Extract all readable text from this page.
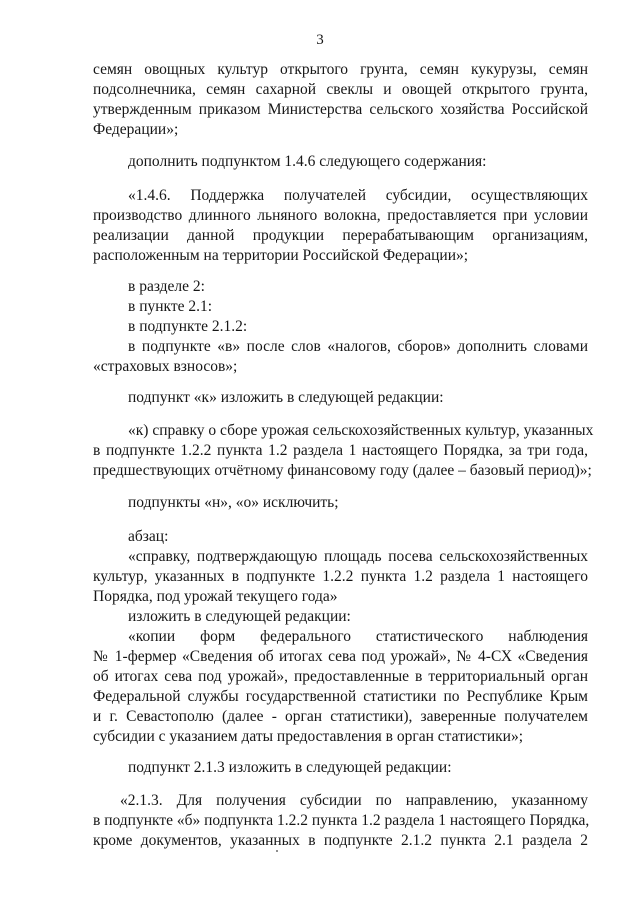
3
семян овощных культур открытого грунта, семян кукурузы, семян
подсолнечника, семян сахарной свеклы и овощей открытого грунта,
утвержденным приказом Министерства сельского хозяйства Российской
Федерации»;
дополнить подпунктом 1.4.6 следующего содержания:
«1.4.6. Поддержка получателей субсидии, осуществляющих
производство длинного льняного волокна, предоставляется при условии
реализации данной продукции перерабатывающим организациям,
расположенным на территории Российской Федерации»;
в разделе 2:
в пункте 2.1:
в подпункте 2.1.2:
в подпункте «в» после слов «налогов, сборов» дополнить словами
«страховых взносов»;
подпункт «к» изложить в следующей редакции:
«к) справку о сборе урожая сельскохозяйственных культур, указанных
в подпункте 1.2.2 пункта 1.2 раздела 1 настоящего Порядка, за три года,
предшествующих отчётному финансовому году (далее – базовый период)»;
подпункты «н», «о» исключить;
абзац:
«справку, подтверждающую площадь посева сельскохозяйственных
культур, указанных в подпункте 1.2.2 пункта 1.2 раздела 1 настоящего
Порядка, под урожай текущего года»
изложить в следующей редакции:
«копии форм федерального статистического наблюдения
№ 1-фермер «Сведения об итогах сева под урожай», № 4-СХ «Сведения
об итогах сева под урожай», предоставленные в территориальный орган
Федеральной службы государственной статистики по Республике Крым
и г. Севастополю (далее - орган статистики), заверенные получателем
субсидии с указанием даты предоставления в орган статистики»;
подпункт 2.1.3 изложить в следующей редакции:
«2.1.3. Для получения субсидии по направлению, указанному
в подпункте «б» подпункта 1.2.2 пункта 1.2 раздела 1 настоящего Порядка,
кроме документов, указанных в подпункте 2.1.2 пункта 2.1 раздела 2
